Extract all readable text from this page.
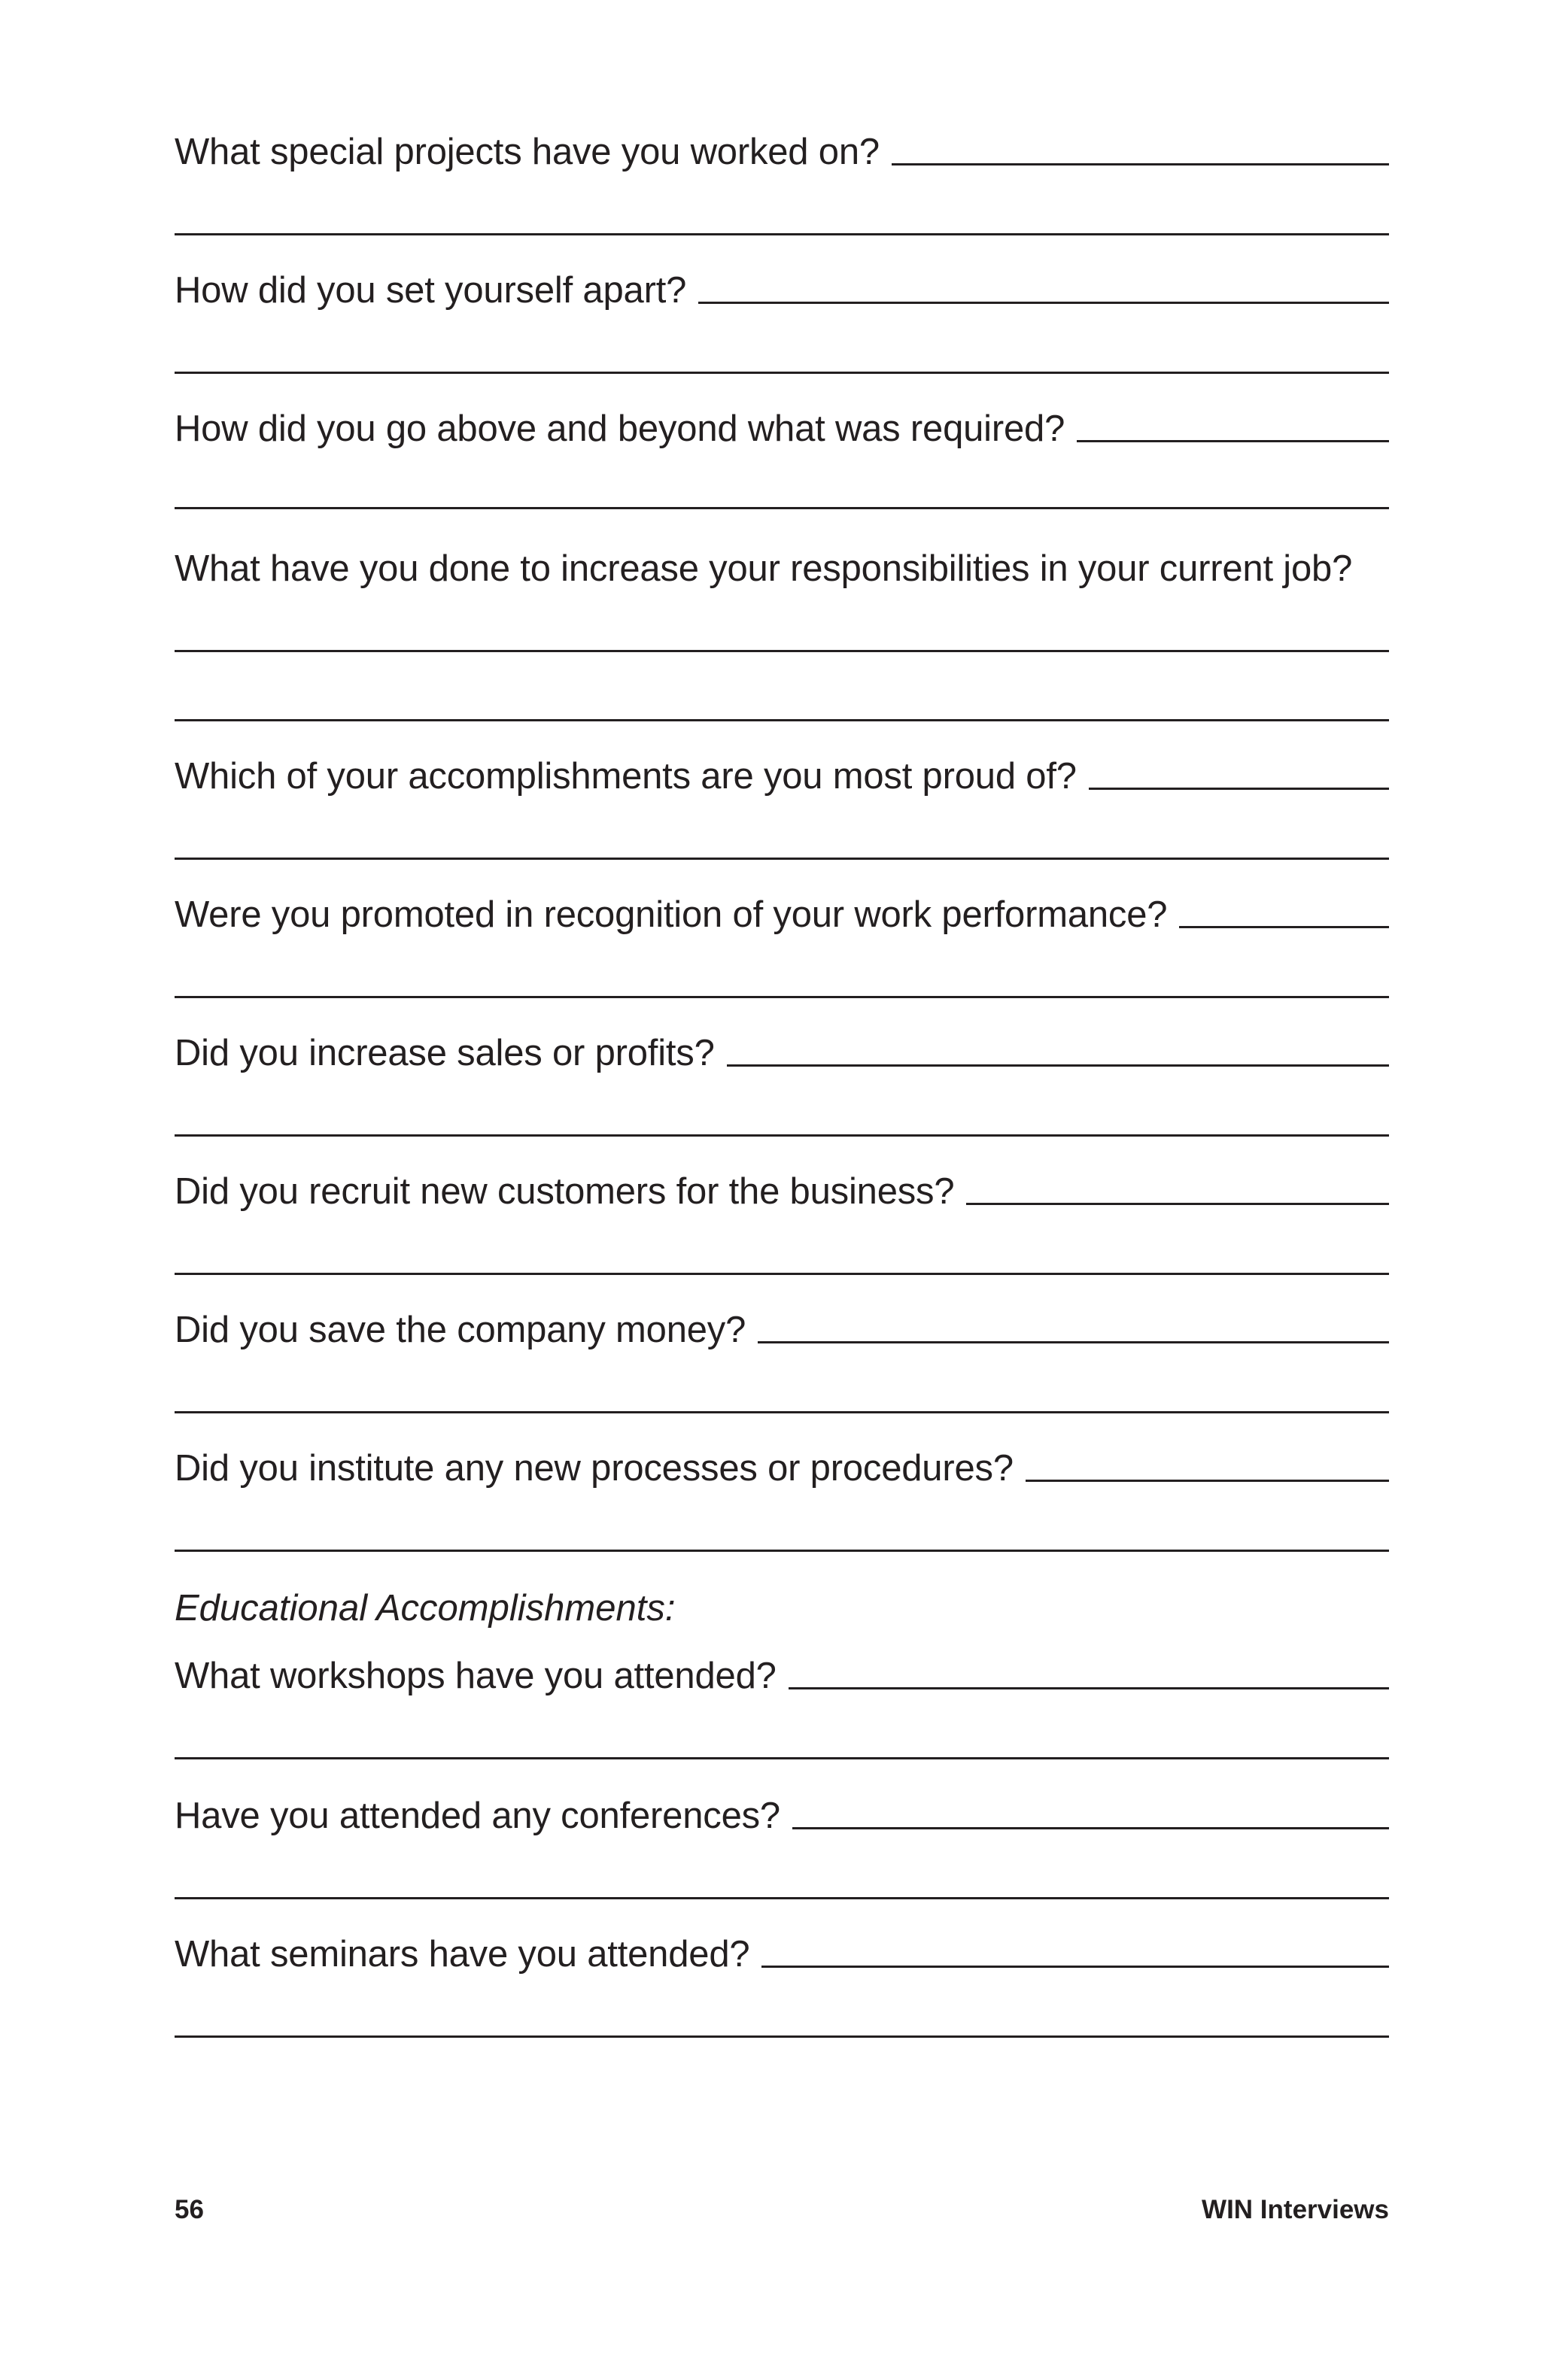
What special projects have you worked on?
How did you set yourself apart?
How did you go above and beyond what was required?
What have you done to increase your responsibilities in your current job?
Which of your accomplishments are you most proud of?
Were you promoted in recognition of your work performance?
Did you increase sales or profits?
Did you recruit new customers for the business?
Did you save the company money?
Did you institute any new processes or procedures?
Educational Accomplishments:
What workshops have you attended?
Have you attended any conferences?
What seminars have you attended?
56	WIN Interviews
